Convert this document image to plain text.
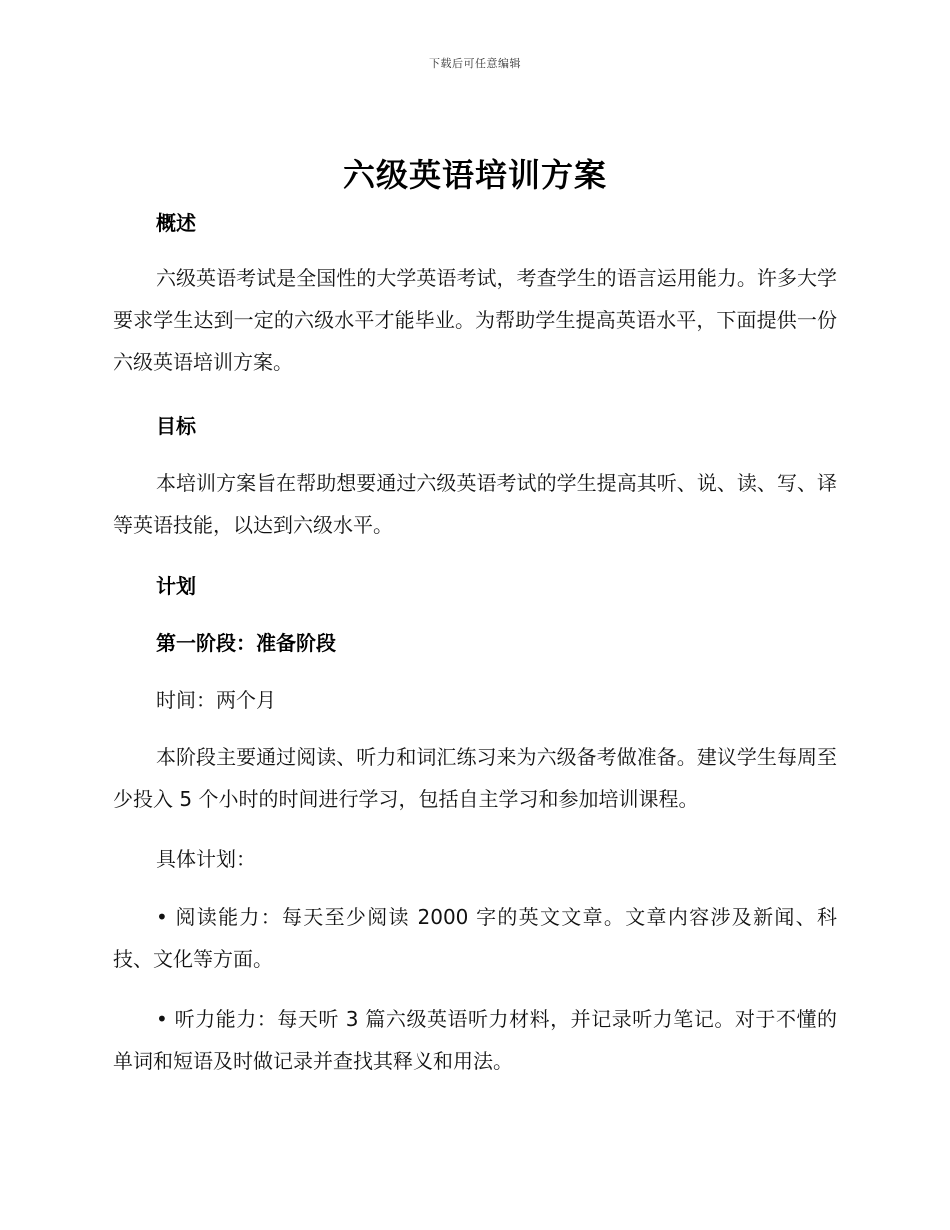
下载后可任意编辑
六级英语培训方案
概述
六级英语考试是全国性的大学英语考试，考查学生的语言运用能力。许多大学要求学生达到一定的六级水平才能毕业。为帮助学生提高英语水平，下面提供一份六级英语培训方案。
目标
本培训方案旨在帮助想要通过六级英语考试的学生提高其听、说、读、写、译等英语技能，以达到六级水平。
计划
第一阶段：准备阶段
时间：两个月
本阶段主要通过阅读、听力和词汇练习来为六级备考做准备。建议学生每周至少投入 5 个小时的时间进行学习，包括自主学习和参加培训课程。
具体计划：
• 阅读能力：每天至少阅读 2000 字的英文文章。文章内容涉及新闻、科技、文化等方面。
• 听力能力：每天听 3 篇六级英语听力材料，并记录听力笔记。对于不懂的单词和短语及时做记录并查找其释义和用法。
